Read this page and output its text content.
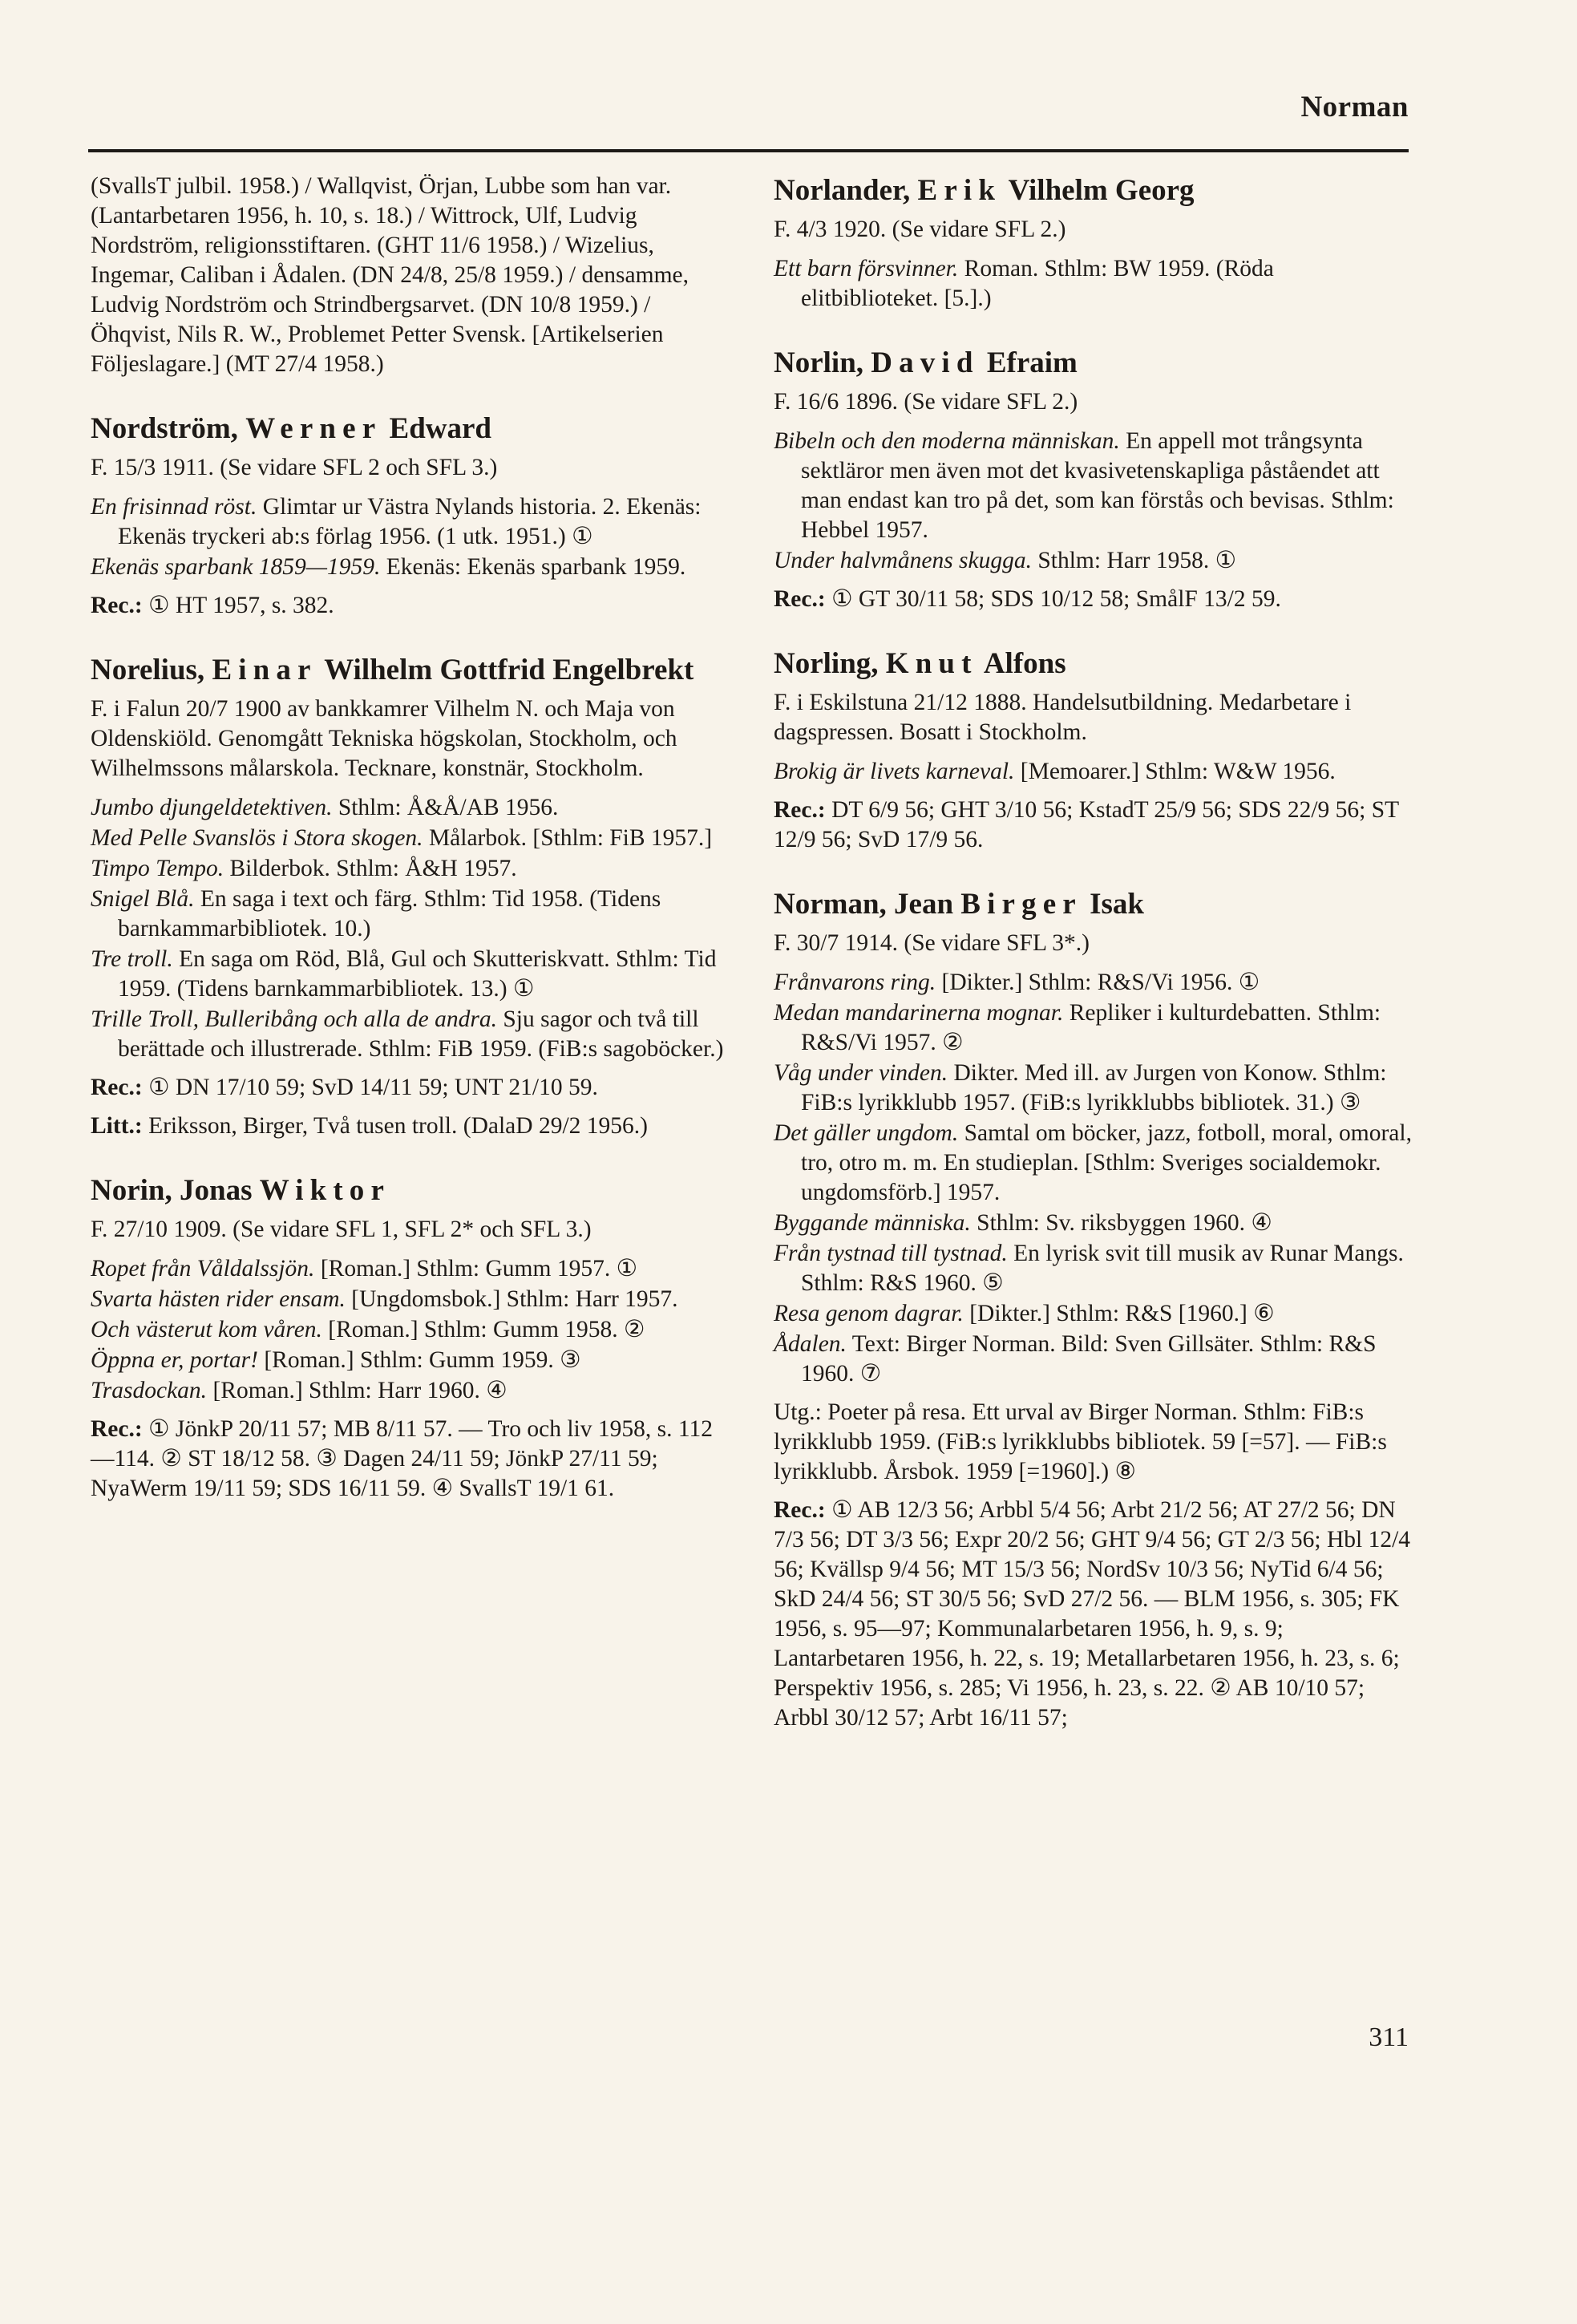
Norman

(SvallsT julbil. 1958.) / Wallqvist, Örjan, Lubbe som han var. (Lantarbetaren 1956, h. 10, s. 18.) / Wittrock, Ulf, Ludvig Nordström, religionsstiftaren. (GHT 11/6 1958.) / Wizelius, Ingemar, Caliban i Ådalen. (DN 24/8, 25/8 1959.) / densamme, Ludvig Nordström och Strindbergsarvet. (DN 10/8 1959.) / Öhqvist, Nils R. W., Problemet Petter Svensk. [Artikelserien Följeslagare.] (MT 27/4 1958.)

Nordström, Werner Edward

F. 15/3 1911. (Se vidare SFL 2 och SFL 3.)

En frisinnad röst. Glimtar ur Västra Nylands historia. 2. Ekenäs: Ekenäs tryckeri ab:s förlag 1956. (1 utk. 1951.) ①

Ekenäs sparbank 1859—1959. Ekenäs: Ekenäs sparbank 1959.

Rec.: ① HT 1957, s. 382.

Norelius, Einar Wilhelm Gottfrid Engelbrekt

F. i Falun 20/7 1900 av bankkamrer Vilhelm N. och Maja von Oldenskiöld. Genomgått Tekniska högskolan, Stockholm, och Wilhelmssons målarskola. Tecknare, konstnär, Stockholm.

Jumbo djungeldetektiven. Sthlm: Å&Å/AB 1956.

Med Pelle Svanslös i Stora skogen. Målarbok. [Sthlm: FiB 1957.]

Timpo Tempo. Bilderbok. Sthlm: Å&H 1957.

Snigel Blå. En saga i text och färg. Sthlm: Tid 1958. (Tidens barnkammarbibliotek. 10.)

Tre troll. En saga om Röd, Blå, Gul och Skutteriskvatt. Sthlm: Tid 1959. (Tidens barnkammarbibliotek. 13.) ①

Trille Troll, Bulleribång och alla de andra. Sju sagor och två till berättade och illustrerade. Sthlm: FiB 1959. (FiB:s sagoböcker.)

Rec.: ① DN 17/10 59; SvD 14/11 59; UNT 21/10 59.

Litt.: Eriksson, Birger, Två tusen troll. (DalaD 29/2 1956.)

Norin, Jonas Wiktor

F. 27/10 1909. (Se vidare SFL 1, SFL 2* och SFL 3.)

Ropet från Våldalssjön. [Roman.] Sthlm: Gumm 1957. ①

Svarta hästen rider ensam. [Ungdomsbok.] Sthlm: Harr 1957.

Och västerut kom våren. [Roman.] Sthlm: Gumm 1958. ②

Öppna er, portar! [Roman.] Sthlm: Gumm 1959. ③

Trasdockan. [Roman.] Sthlm: Harr 1960. ④

Rec.: ① JönkP 20/11 57; MB 8/11 57. — Tro och liv 1958, s. 112—114. ② ST 18/12 58. ③ Dagen 24/11 59; JönkP 27/11 59; NyaWerm 19/11 59; SDS 16/11 59. ④ SvallsT 19/1 61.

Norlander, Erik Vilhelm Georg

F. 4/3 1920. (Se vidare SFL 2.)

Ett barn försvinner. Roman. Sthlm: BW 1959. (Röda elitbiblioteket. [5.].)

Norlin, David Efraim

F. 16/6 1896. (Se vidare SFL 2.)

Bibeln och den moderna människan. En appell mot trångsynta sektläror men även mot det kvasivetenskapliga påståendet att man endast kan tro på det, som kan förstås och bevisas. Sthlm: Hebbel 1957.

Under halvmånens skugga. Sthlm: Harr 1958. ①

Rec.: ① GT 30/11 58; SDS 10/12 58; SmålF 13/2 59.

Norling, Knut Alfons

F. i Eskilstuna 21/12 1888. Handelsutbildning. Medarbetare i dagspressen. Bosatt i Stockholm.

Brokig är livets karneval. [Memoarer.] Sthlm: W&W 1956.

Rec.: DT 6/9 56; GHT 3/10 56; KstadT 25/9 56; SDS 22/9 56; ST 12/9 56; SvD 17/9 56.

Norman, Jean Birger Isak

F. 30/7 1914. (Se vidare SFL 3*.)

Frånvarons ring. [Dikter.] Sthlm: R&S/Vi 1956. ①

Medan mandarinerna mognar. Repliker i kulturdebatten. Sthlm: R&S/Vi 1957. ②

Våg under vinden. Dikter. Med ill. av Jurgen von Konow. Sthlm: FiB:s lyrikklubb 1957. (FiB:s lyrikklubbs bibliotek. 31.) ③

Det gäller ungdom. Samtal om böcker, jazz, fotboll, moral, omoral, tro, otro m. m. En studieplan. [Sthlm: Sveriges socialdemokr. ungdomsförb.] 1957.

Byggande människa. Sthlm: Sv. riksbyggen 1960. ④

Från tystnad till tystnad. En lyrisk svit till musik av Runar Mangs. Sthlm: R&S 1960. ⑤

Resa genom dagrar. [Dikter.] Sthlm: R&S [1960.] ⑥

Ådalen. Text: Birger Norman. Bild: Sven Gillsäter. Sthlm: R&S 1960. ⑦

Utg.: Poeter på resa. Ett urval av Birger Norman. Sthlm: FiB:s lyrikklubb 1959. (FiB:s lyrikklubbs bibliotek. 59 [=57]. — FiB:s lyrikklubb. Årsbok. 1959 [=1960].) ⑧

Rec.: ① AB 12/3 56; Arbbl 5/4 56; Arbt 21/2 56; AT 27/2 56; DN 7/3 56; DT 3/3 56; Expr 20/2 56; GHT 9/4 56; GT 2/3 56; Hbl 12/4 56; Kvällsp 9/4 56; MT 15/3 56; NordSv 10/3 56; NyTid 6/4 56; SkD 24/4 56; ST 30/5 56; SvD 27/2 56. — BLM 1956, s. 305; FK 1956, s. 95—97; Kommunalarbetaren 1956, h. 9, s. 9; Lantarbetaren 1956, h. 22, s. 19; Metallarbetaren 1956, h. 23, s. 6; Perspektiv 1956, s. 285; Vi 1956, h. 23, s. 22. ② AB 10/10 57; Arbbl 30/12 57; Arbt 16/11 57;

311
